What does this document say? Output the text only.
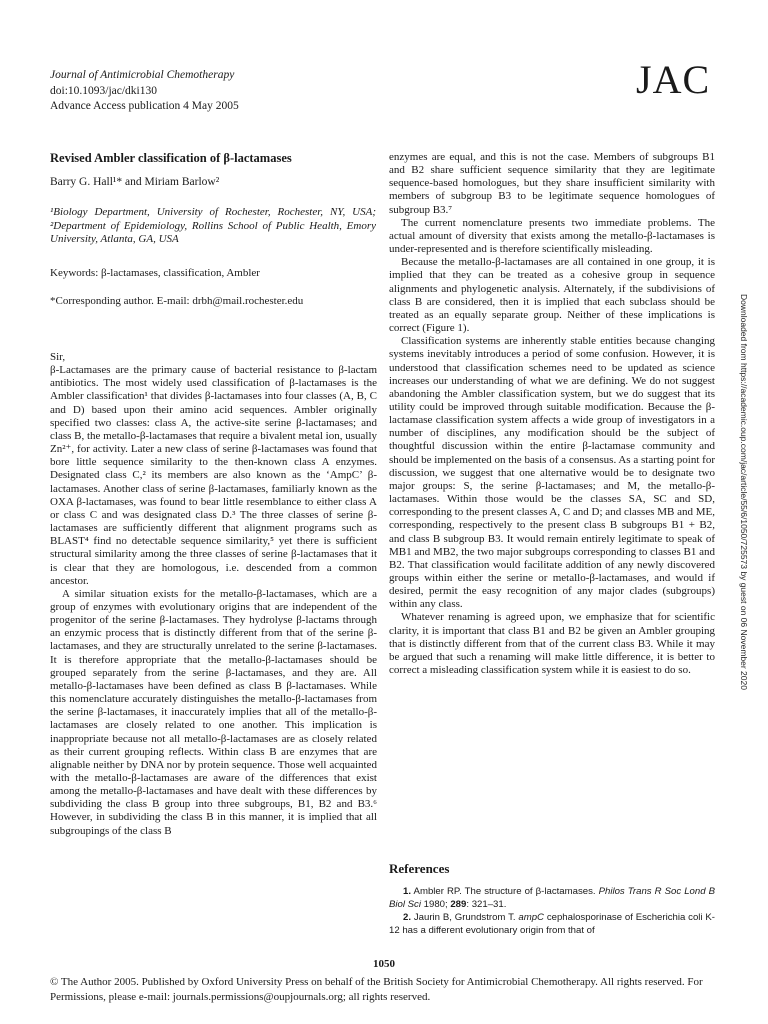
Journal of Antimicrobial Chemotherapy
doi:10.1093/jac/dki130
Advance Access publication 4 May 2005
JAC
Revised Ambler classification of β-lactamases
Barry G. Hall¹* and Miriam Barlow²
¹Biology Department, University of Rochester, Rochester, NY, USA; ²Department of Epidemiology, Rollins School of Public Health, Emory University, Atlanta, GA, USA
Keywords: β-lactamases, classification, Ambler
*Corresponding author. E-mail: drbh@mail.rochester.edu

Sir,

β-Lactamases are the primary cause of bacterial resistance to β-lactam antibiotics. The most widely used classification of β-lactamases is the Ambler classification¹ that divides β-lactamases into four classes (A, B, C and D) based upon their amino acid sequences. Ambler originally specified two classes: class A, the active-site serine β-lactamases; and class B, the metallo-β-lactamases that require a bivalent metal ion, usually Zn²⁺, for activity. Later a new class of serine β-lactamases was found that bore little sequence similarity to the then-known class A enzymes. Designated class C,² its members are also known as the ‘AmpC’ β-lactamases. Another class of serine β-lactamases, familiarly known as the OXA β-lactamases, was found to bear little resemblance to either class A or class C and was designated class D.³ The three classes of serine β-lactamases are sufficiently different that alignment programs such as BLAST⁴ find no detectable sequence similarity,⁵ yet there is sufficient structural similarity among the three classes of serine β-lactamases that it is clear that they are homologous, i.e. descended from a common ancestor.

A similar situation exists for the metallo-β-lactamases, which are a group of enzymes with evolutionary origins that are independent of the progenitor of the serine β-lactamases. They hydrolyse β-lactams through an enzymic process that is distinctly different from that of the serine β-lactamases, and they are structurally unrelated to the serine β-lactamases. It is therefore appropriate that the metallo-β-lactamases should be grouped separately from the serine β-lactamases, and they are. All metallo-β-lactamases have been defined as class B β-lactamases. While this nomenclature accurately distinguishes the metallo-β-lactamases from the serine β-lactamases, it inaccurately implies that all of the metallo-β-lactamases are closely related to one another. This implication is inappropriate because not all metallo-β-lactamases are as closely related as their current grouping reflects. Within class B are enzymes that are alignable neither by DNA nor by protein sequence. Those well acquainted with the metallo-β-lactamases are aware of the differences that exist among the metallo-β-lactamases and have dealt with these differences by subdividing the class B group into three subgroups, B1, B2 and B3.⁶ However, in subdividing the class B in this manner, it is implied that all subgroupings of the class B

enzymes are equal, and this is not the case. Members of subgroups B1 and B2 share sufficient sequence similarity that they are legitimate sequence-based homologues, but they share insufficient similarity with members of subgroup B3 to be legitimate sequence homologues of subgroup B3.⁷

The current nomenclature presents two immediate problems. The actual amount of diversity that exists among the metallo-β-lactamases is under-represented and is therefore scientifically misleading.

Because the metallo-β-lactamases are all contained in one group, it is implied that they can be treated as a cohesive group in sequence alignments and phylogenetic analysis. Alternately, if the subdivisions of class B are considered, then it is implied that each subclass should be treated as an equally separate group. Neither of these implications is correct (Figure 1).

Classification systems are inherently stable entities because changing systems inevitably introduces a period of some confusion. However, it is understood that classification schemes need to be updated as science increases our understanding of what we are defining. We do not suggest abandoning the Ambler classification system, but we do suggest that its utility could be improved through suitable modification. Because the β-lactamase classification system affects a wide group of investigators in a number of disciplines, any modification should be the subject of thoughtful discussion within the entire β-lactamase community and should be implemented on the basis of a consensus. As a starting point for discussion, we suggest that one alternative would be to designate two major groups: S, the serine β-lactamases; and M, the metallo-β-lactamases. Within those would be the classes SA, SC and SD, corresponding to the present classes A, C and D; and classes MB and ME, corresponding, respectively to the present class B subgroups B1 + B2, and class B subgroup B3. It would remain entirely legitimate to speak of MB1 and MB2, the two major subgroups corresponding to classes B1 and B2. That classification would facilitate addition of any newly discovered groups within either the serine or metallo-β-lactamases, and would if desired, permit the easy recognition of any major clades (subgroups) within any class.

Whatever renaming is agreed upon, we emphasize that for scientific clarity, it is important that class B1 and B2 be given an Ambler grouping that is distinctly different from that of the current class B3. While it may be argued that such a renaming will make little difference, it is better to correct a misleading classification system while it is easiest to do so.

References

1. Ambler RP. The structure of β-lactamases. Philos Trans R Soc Lond B Biol Sci 1980; 289: 321–31.

2. Jaurin B, Grundstrom T. ampC cephalosporinase of Escherichia coli K-12 has a different evolutionary origin from that of

Downloaded from https://academic.oup.com/jac/article/55/6/1050/725573 by guest on 06 November 2020
1050
© The Author 2005. Published by Oxford University Press on behalf of the British Society for Antimicrobial Chemotherapy. All rights reserved. For Permissions, please e-mail: journals.permissions@oupjournals.org; all rights reserved.
